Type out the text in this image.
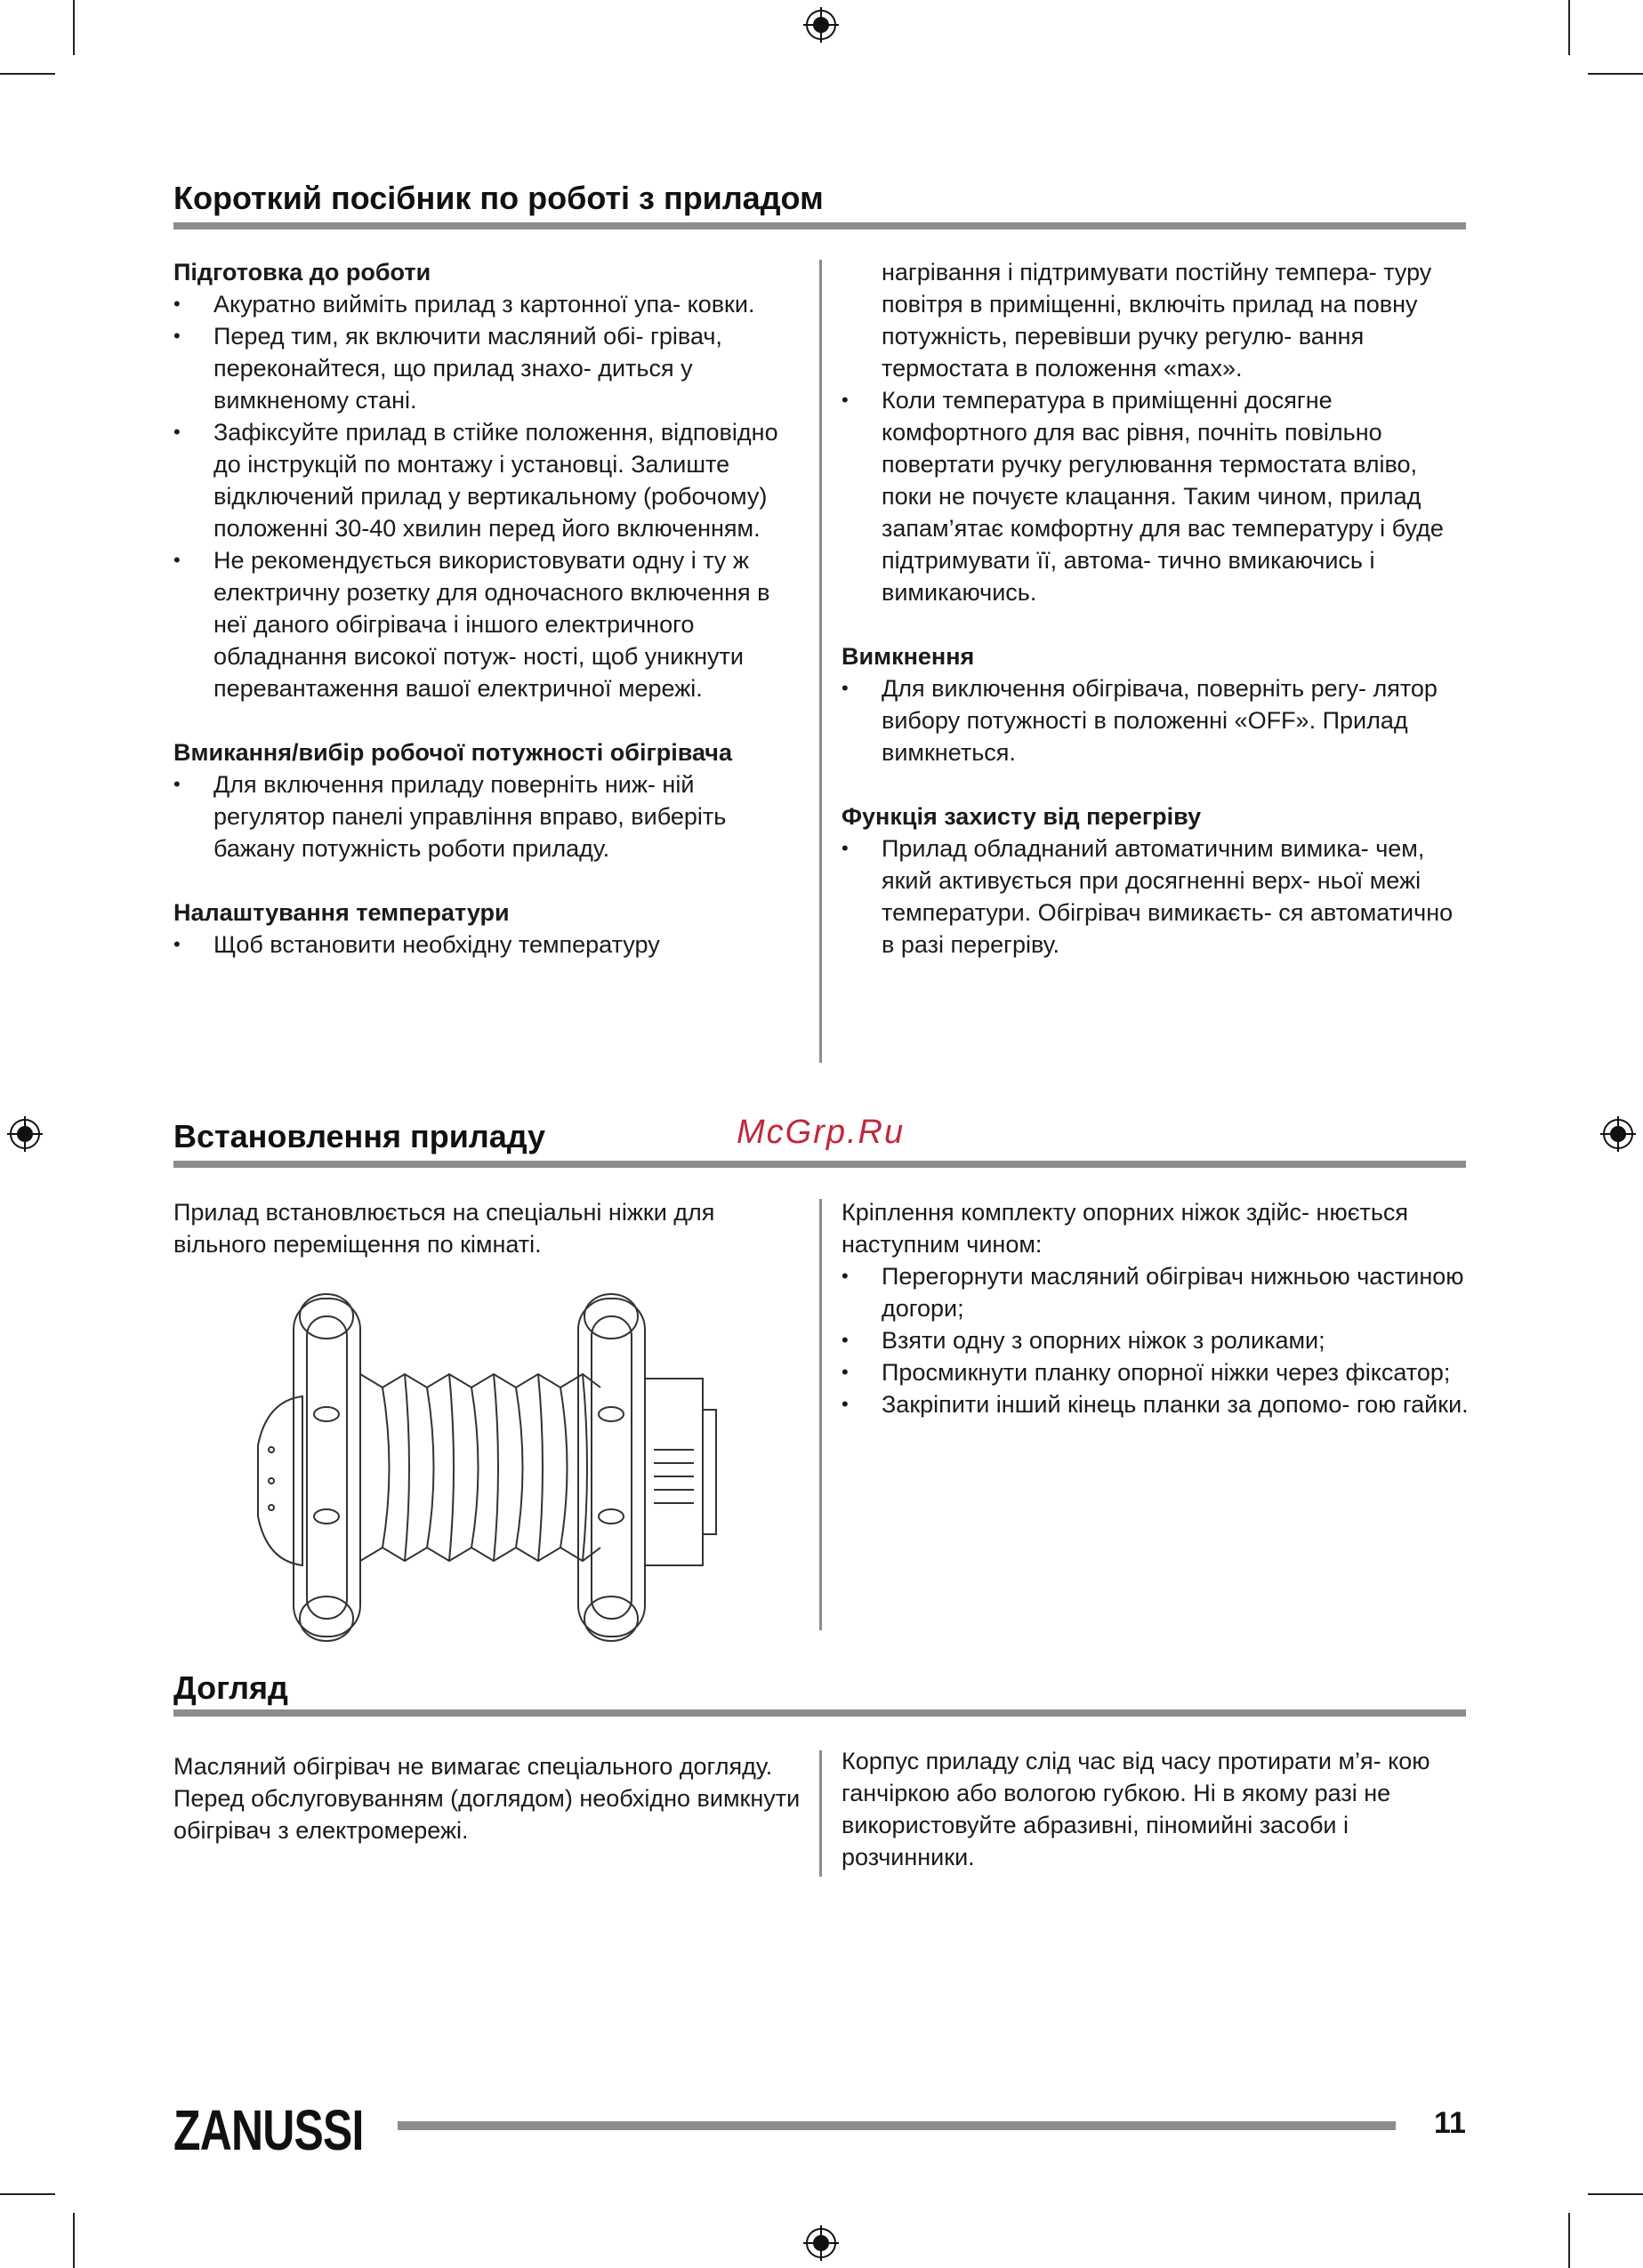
Короткий посібник по роботі з приладом

Підготовка до роботи

• Акуратно вийміть прилад з картонної упа- ковки.
• Перед тим, як включити масляний обі- грівач, переконайтеся, що прилад знахо- диться у вимкненому стані.
• Зафіксуйте прилад в стійке положення, відповідно до інструкцій по монтажу і установці. Залиште відключений прилад у вертикальному (робочому) положенні 30-40 хвилин перед його включенням.
• Не рекомендується використовувати одну і ту ж електричну розетку для одночасного включення в неї даного обігрівача і іншого електричного обладнання високої потуж- ності, щоб уникнути перевантаження вашої електричної мережі.

Вмикання/вибір робочої потужності обігрівача

• Для включення приладу поверніть ниж- ній регулятор панелі управління вправо, виберіть бажану потужність роботи приладу.

Налаштування температури

• Щоб встановити необхідну температуру

нагрівання і підтримувати постійну темпера- туру повітря в приміщенні, включіть прилад на повну потужність, перевівши ручку регулю- вання термостата в положення «max».

• Коли температура в приміщенні досягне комфортного для вас рівня, почніть повільно повертати ручку регулювання термостата вліво, поки не почуєте клацання. Таким чином, прилад запам’ятає комфортну для вас температуру і буде підтримувати її, автома- тично вмикаючись і вимикаючись.

Вимкнення

• Для виключення обігрівача, поверніть регу- лятор вибору потужності в положенні «OFF». Прилад вимкнеться.

Функція захисту від перегріву

• Прилад обладнаний автоматичним вимика- чем, який активується при досягненні верх- ньої межі температури. Обігрівач вимикаєть- ся автоматично в разі перегріву.
Встановлення приладу	McGrp.Ru

Прилад встановлюється на спеціальні ніжки для вільного переміщення по кімнаті.

Кріплення комплекту опорних ніжок здійс- нюється наступним чином:

• Перегорнути масляний обігрівач нижньою частиною догори;
• Взяти одну з опорних ніжок з роликами;
• Просмикнути планку опорної ніжки через фіксатор;
• Закріпити інший кінець планки за допомо- гою гайки.
Догляд

Масляний обігрівач не вимагає спеціального догляду.

Перед обслуговуванням (доглядом) необхідно вимкнути обігрівач з електромережі.

Корпус приладу слід час від часу протирати м’я- кою ганчіркою або вологою губкою. Ні в якому разі не використовуйте абразивні, піномийні засоби і розчинники.

ZANUSSI	11
